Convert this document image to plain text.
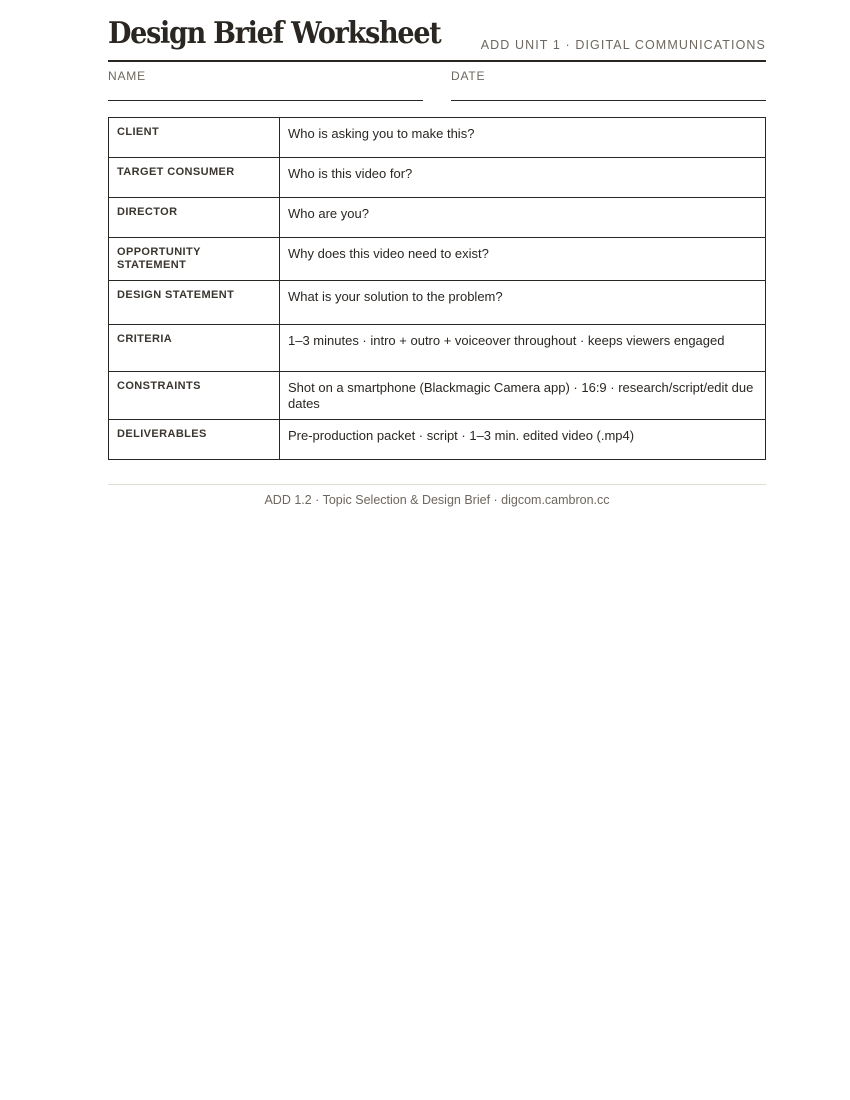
Design Brief Worksheet	ADD UNIT 1 · DIGITAL COMMUNICATIONS
NAME	DATE
CLIENT	Who is asking you to make this?
TARGET CONSUMER	Who is this video for?
DIRECTOR	Who are you?
OPPORTUNITY STATEMENT	Why does this video need to exist?
DESIGN STATEMENT	What is your solution to the problem?
CRITERIA	1–3 minutes · intro + outro + voiceover throughout · keeps viewers engaged
CONSTRAINTS	Shot on a smartphone (Blackmagic Camera app) · 16:9 · research/script/edit due dates
DELIVERABLES	Pre-production packet · script · 1–3 min. edited video (.mp4)
ADD 1.2 · Topic Selection & Design Brief · digcom.cambron.cc
